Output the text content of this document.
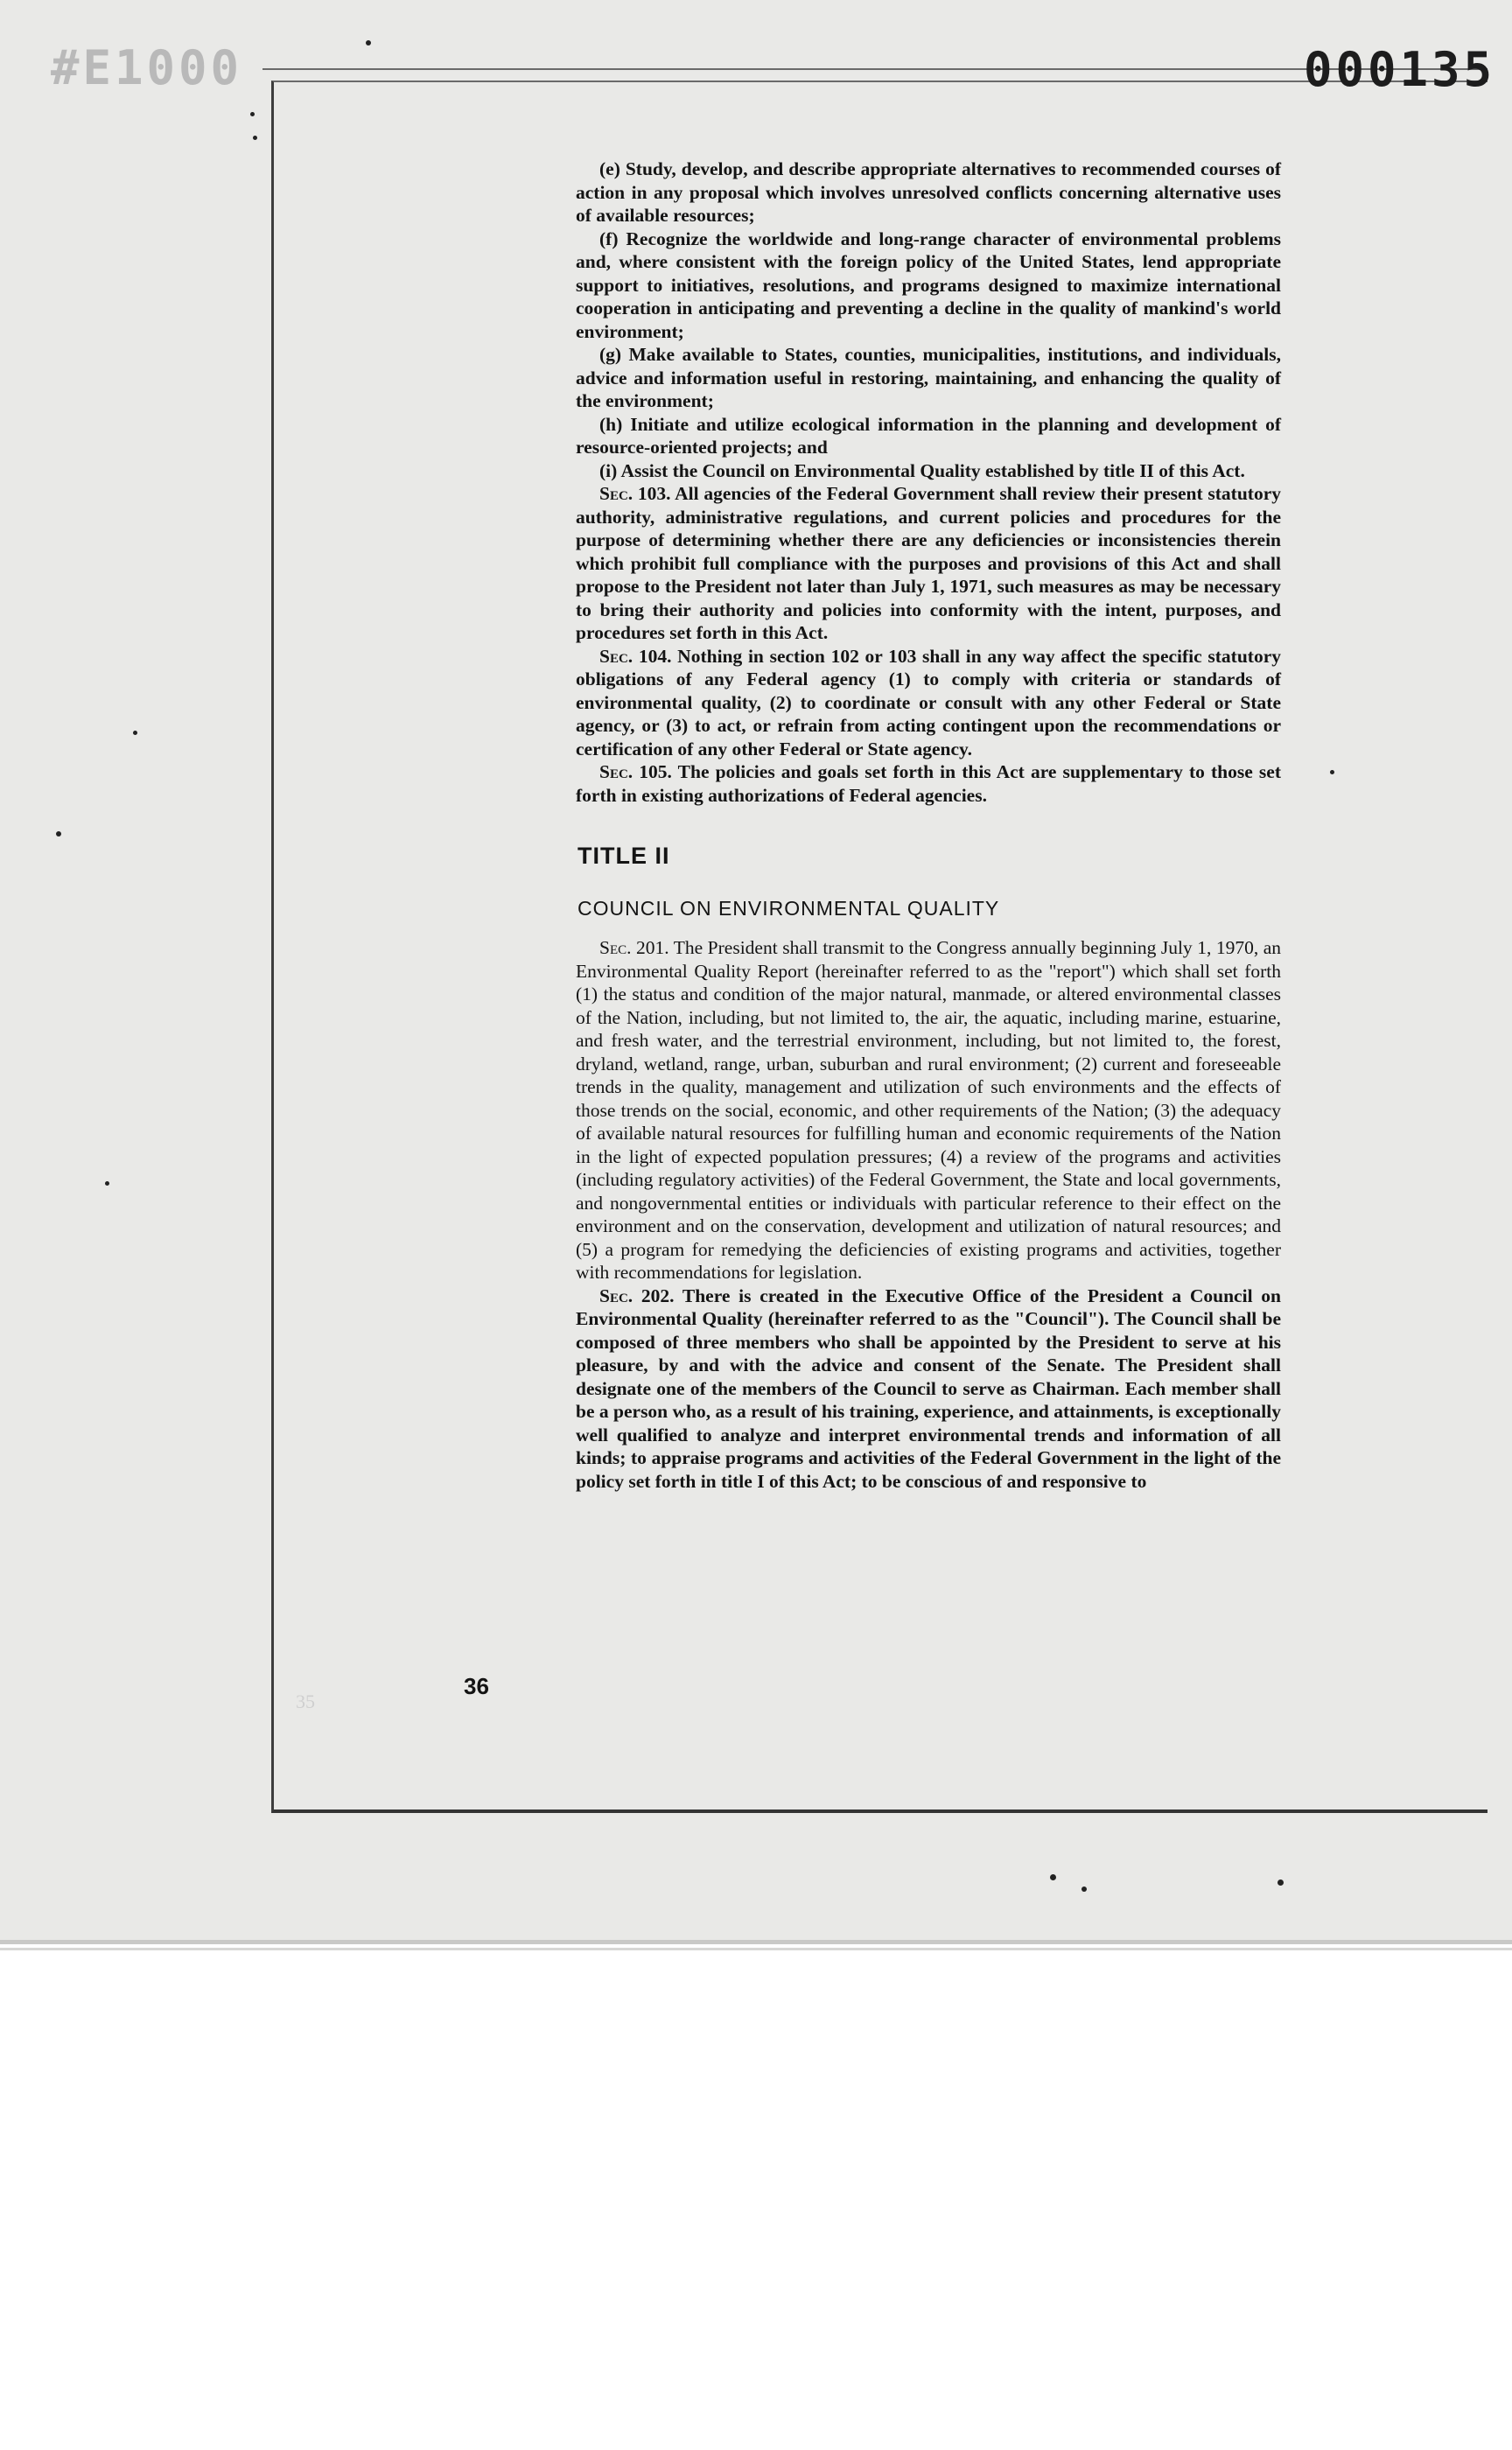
#E1000	000135
35

(e) Study, develop, and describe appropriate alternatives to recommended courses of action in any proposal which involves unresolved conflicts concerning alternative uses of available resources;

(f) Recognize the worldwide and long-range character of environmental problems and, where consistent with the foreign policy of the United States, lend appropriate support to initiatives, resolutions, and programs designed to maximize international cooperation in anticipating and preventing a decline in the quality of mankind's world environment;

(g) Make available to States, counties, municipalities, institutions, and individuals, advice and information useful in restoring, maintaining, and enhancing the quality of the environment;

(h) Initiate and utilize ecological information in the planning and development of resource-oriented projects; and

(i) Assist the Council on Environmental Quality established by title II of this Act.

Sec. 103. All agencies of the Federal Government shall review their present statutory authority, administrative regulations, and current policies and procedures for the purpose of determining whether there are any deficiencies or inconsistencies therein which prohibit full compliance with the purposes and provisions of this Act and shall propose to the President not later than July 1, 1971, such measures as may be necessary to bring their authority and policies into conformity with the intent, purposes, and procedures set forth in this Act.

Sec. 104. Nothing in section 102 or 103 shall in any way affect the specific statutory obligations of any Federal agency (1) to comply with criteria or standards of environmental quality, (2) to coordinate or consult with any other Federal or State agency, or (3) to act, or refrain from acting contingent upon the recommendations or certification of any other Federal or State agency.

Sec. 105. The policies and goals set forth in this Act are supplementary to those set forth in existing authorizations of Federal agencies.

TITLE II
COUNCIL ON ENVIRONMENTAL QUALITY

Sec. 201. The President shall transmit to the Congress annually beginning July 1, 1970, an Environmental Quality Report (hereinafter referred to as the "report") which shall set forth (1) the status and condition of the major natural, manmade, or altered environmental classes of the Nation, including, but not limited to, the air, the aquatic, including marine, estuarine, and fresh water, and the terrestrial environment, including, but not limited to, the forest, dryland, wetland, range, urban, suburban and rural environment; (2) current and foreseeable trends in the quality, management and utilization of such environments and the effects of those trends on the social, economic, and other requirements of the Nation; (3) the adequacy of available natural resources for fulfilling human and economic requirements of the Nation in the light of expected population pressures; (4) a review of the programs and activities (including regulatory activities) of the Federal Government, the State and local governments, and nongovernmental entities or individuals with particular reference to their effect on the environment and on the conservation, development and utilization of natural resources; and (5) a program for remedying the deficiencies of existing programs and activities, together with recommendations for legislation.

Sec. 202. There is created in the Executive Office of the President a Council on Environmental Quality (hereinafter referred to as the "Council"). The Council shall be composed of three members who shall be appointed by the President to serve at his pleasure, by and with the advice and consent of the Senate. The President shall designate one of the members of the Council to serve as Chairman. Each member shall be a person who, as a result of his training, experience, and attainments, is exceptionally well qualified to analyze and interpret environmental trends and information of all kinds; to appraise programs and activities of the Federal Government in the light of the policy set forth in title I of this Act; to be conscious of and responsive to

36
